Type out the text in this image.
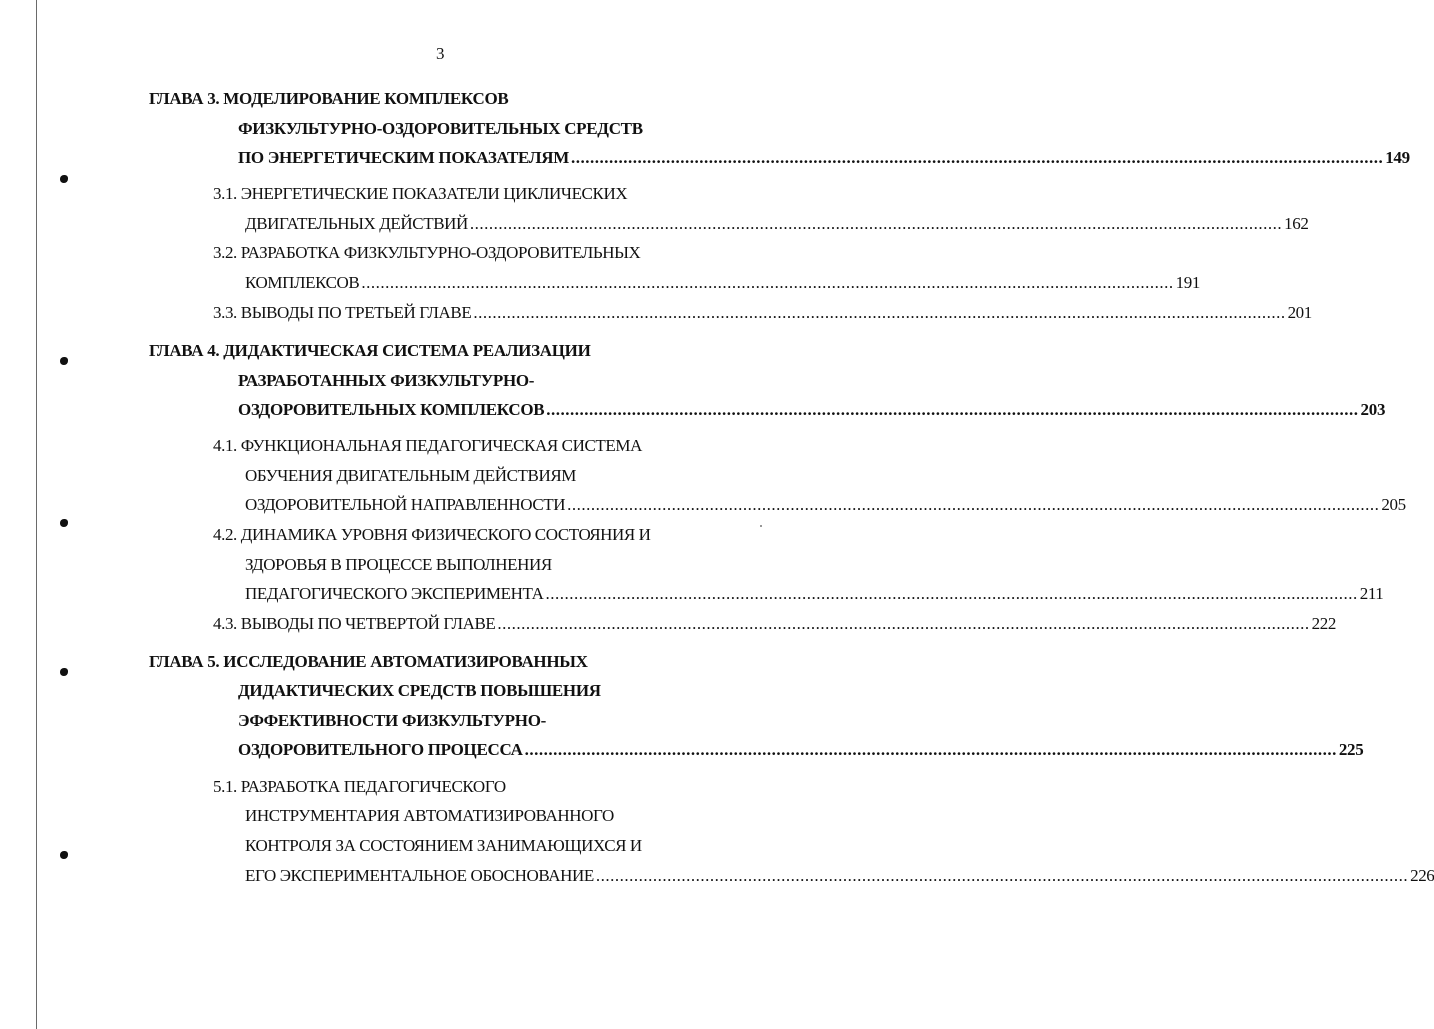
3
ГЛАВА 3. МОДЕЛИРОВАНИЕ КОМПЛЕКСОВ
ФИЗКУЛЬТУРНО-ОЗДОРОВИТЕЛЬНЫХ СРЕДСТВ
ПО ЭНЕРГЕТИЧЕСКИМ ПОКАЗАТЕЛЯМ .....	149
3.1. ЭНЕРГЕТИЧЕСКИЕ ПОКАЗАТЕЛИ ЦИКЛИЧЕСКИХ
ДВИГАТЕЛЬНЫХ ДЕЙСТВИЙ .....	162
3.2. РАЗРАБОТКА ФИЗКУЛЬТУРНО-ОЗДОРОВИТЕЛЬНЫХ
КОМПЛЕКСОВ .....	191
3.3. ВЫВОДЫ ПО ТРЕТЬЕЙ ГЛАВЕ .....	201
ГЛАВА 4. ДИДАКТИЧЕСКАЯ СИСТЕМА РЕАЛИЗАЦИИ
РАЗРАБОТАННЫХ ФИЗКУЛЬТУРНО-
ОЗДОРОВИТЕЛЬНЫХ КОМПЛЕКСОВ .....	203
4.1. ФУНКЦИОНАЛЬНАЯ ПЕДАГОГИЧЕСКАЯ СИСТЕМА
ОБУЧЕНИЯ ДВИГАТЕЛЬНЫМ ДЕЙСТВИЯМ
ОЗДОРОВИТЕЛЬНОЙ НАПРАВЛЕННОСТИ .....	205
4.2. ДИНАМИКА УРОВНЯ ФИЗИЧЕСКОГО СОСТОЯНИЯ И
ЗДОРОВЬЯ В ПРОЦЕССЕ ВЫПОЛНЕНИЯ
ПЕДАГОГИЧЕСКОГО ЭКСПЕРИМЕНТА .....	211
4.3. ВЫВОДЫ ПО ЧЕТВЕРТОЙ ГЛАВЕ .....	222
ГЛАВА 5. ИССЛЕДОВАНИЕ АВТОМАТИЗИРОВАННЫХ
ДИДАКТИЧЕСКИХ СРЕДСТВ ПОВЫШЕНИЯ
ЭФФЕКТИВНОСТИ ФИЗКУЛЬТУРНО-
ОЗДОРОВИТЕЛЬНОГО ПРОЦЕССА .....	225
5.1. РАЗРАБОТКА ПЕДАГОГИЧЕСКОГО
ИНСТРУМЕНТАРИЯ АВТОМАТИЗИРОВАННОГО
КОНТРОЛЯ ЗА СОСТОЯНИЕМ ЗАНИМАЮЩИХСЯ И
ЕГО ЭКСПЕРИМЕНТАЛЬНОЕ ОБОСНОВАНИЕ .....	226
